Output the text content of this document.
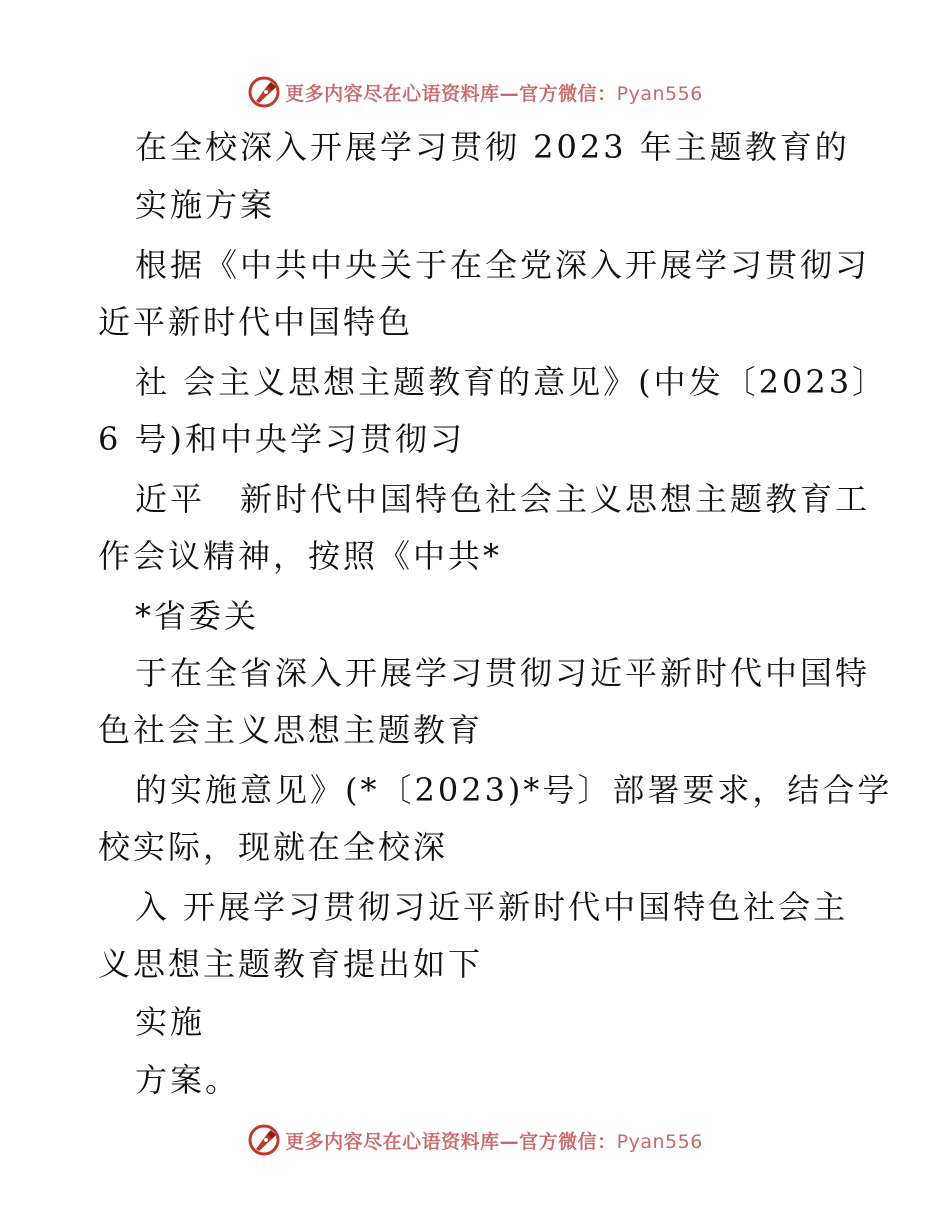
更多内容尽在心语资料库—官方微信：Pyan556
在全校深入开展学习贯彻 2023 年主题教育的
实施方案
根据《中共中央关于在全党深入开展学习贯彻习
近平新时代中国特色
社 会主义思想主题教育的意见》(中发〔2023〕
6 号)和中央学习贯彻习
近平　新时代中国特色社会主义思想主题教育工
作会议精神，按照《中共*
*省委关
于在全省深入开展学习贯彻习近平新时代中国特
色社会主义思想主题教育
的实施意见》(*〔2023)*号〕部署要求，结合学
校实际，现就在全校深
入 开展学习贯彻习近平新时代中国特色社会主
义思想主题教育提出如下
实施
方案。
更多内容尽在心语资料库—官方微信：Pyan556
